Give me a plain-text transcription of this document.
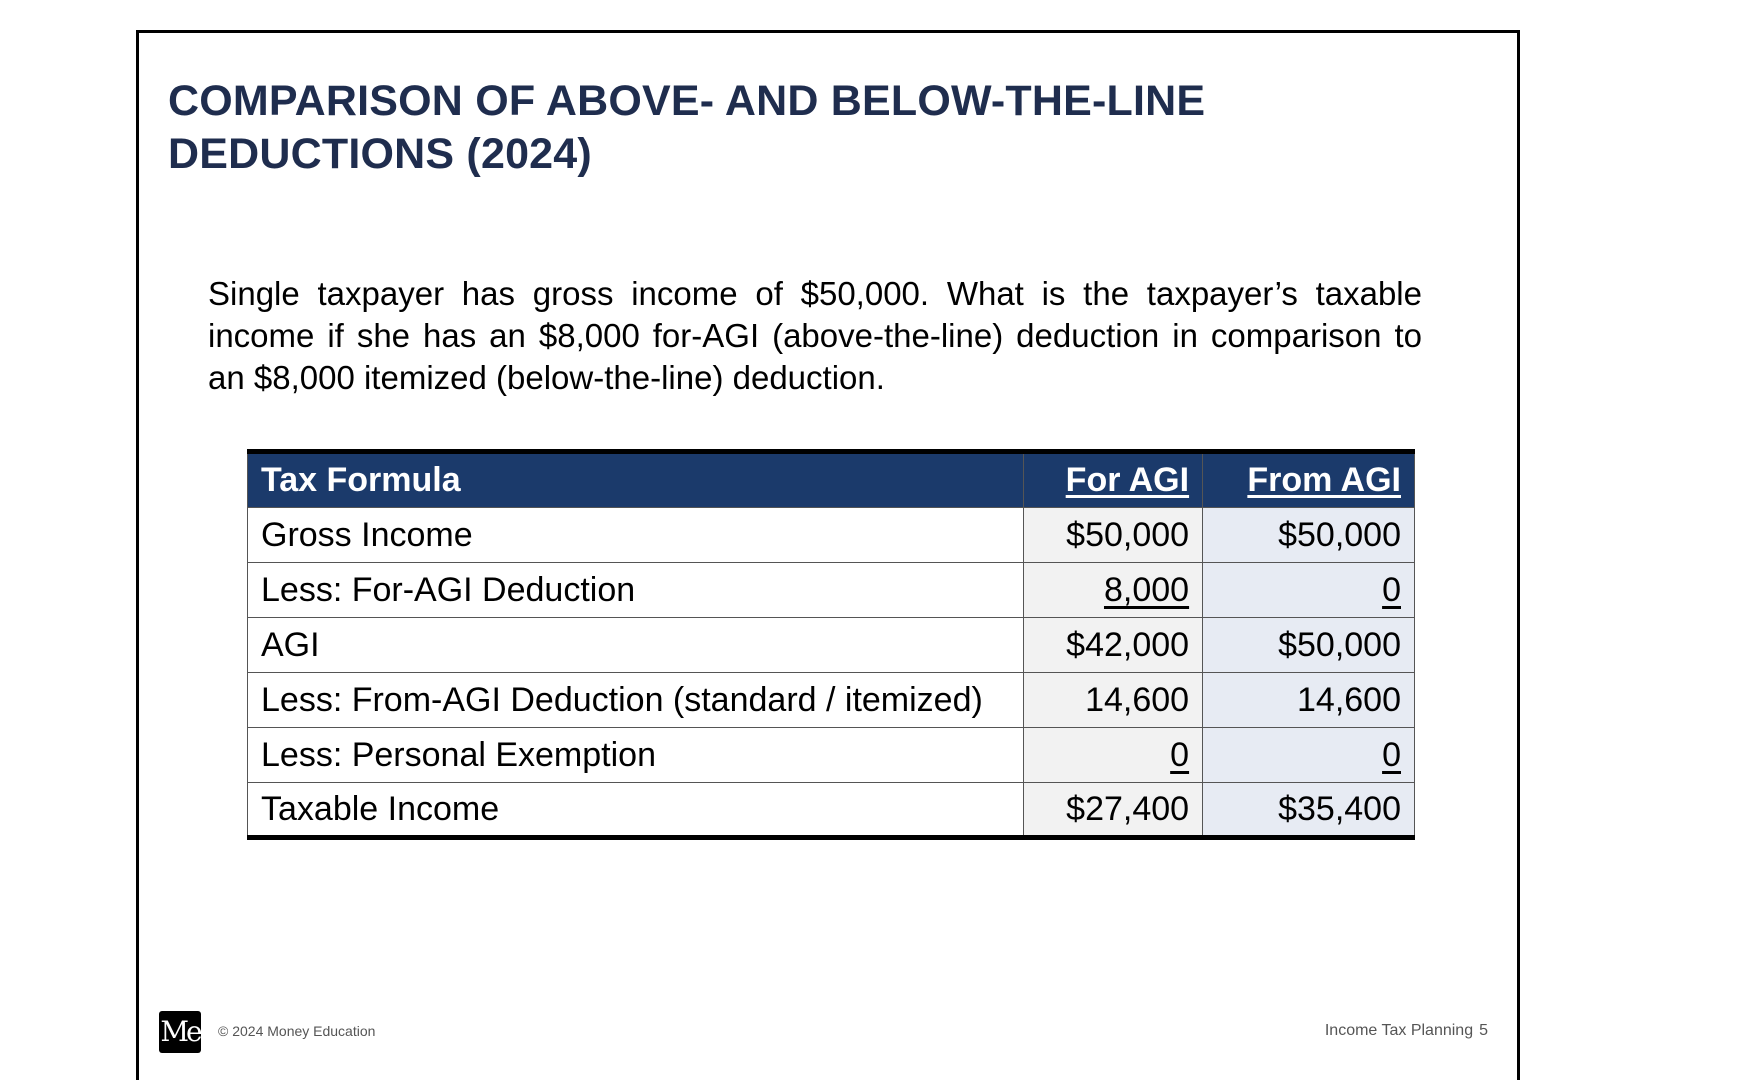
COMPARISON OF ABOVE- AND BELOW-THE-LINE
DEDUCTIONS (2024)

Single taxpayer has gross income of $50,000. What is the taxpayer’s taxable income if she has an $8,000 for-AGI (above-the-line) deduction in comparison to an $8,000 itemized (below-the-line) deduction.

Tax Formula	For AGI	From AGI
Gross Income	$50,000	$50,000
Less: For-AGI Deduction	8,000	0
AGI	$42,000	$50,000
Less: From-AGI Deduction (standard / itemized)	14,600	14,600
Less: Personal Exemption	0	0
Taxable Income	$27,400	$35,400
Me © 2024 Money Education	Income Tax Planning 5
